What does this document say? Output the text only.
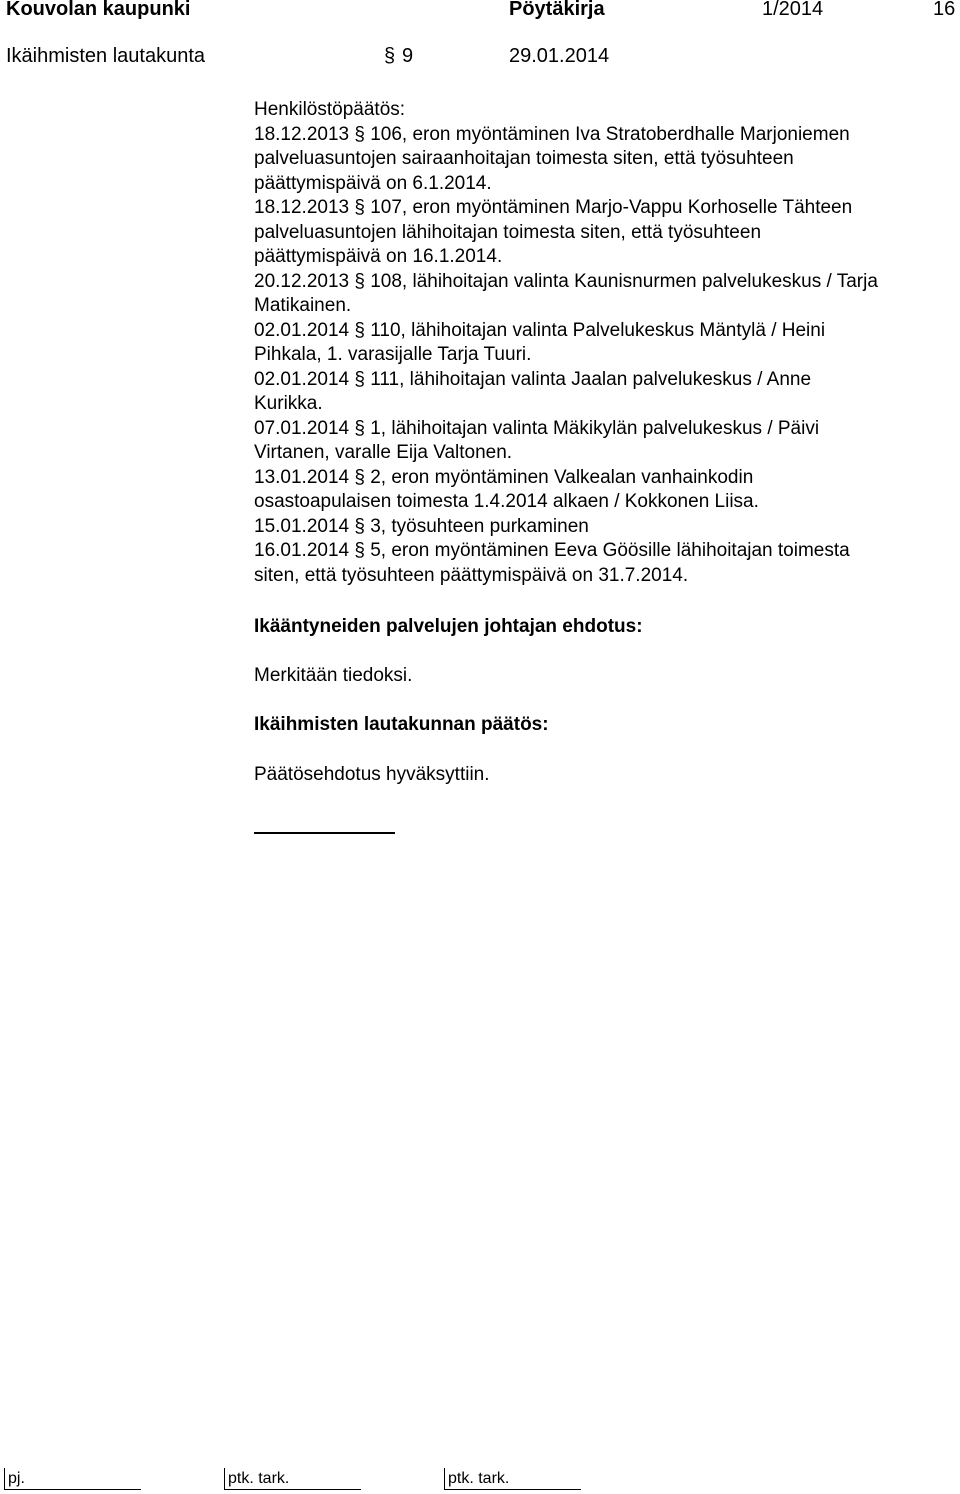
Kouvolan kaupunki	Pöytäkirja	1/2014	16
Ikäihmisten lautakunta	§ 9	29.01.2014
Henkilöstöpäätös:
18.12.2013 § 106, eron myöntäminen Iva Stratoberdhalle Marjoniemen
palveluasuntojen sairaanhoitajan toimesta siten, että työsuhteen
päättymispäivä on 6.1.2014.
18.12.2013 § 107, eron myöntäminen Marjo-Vappu Korhoselle Tähteen
palveluasuntojen lähihoitajan toimesta siten, että työsuhteen
päättymispäivä on 16.1.2014.
20.12.2013 § 108, lähihoitajan valinta Kaunisnurmen palvelukeskus / Tarja
Matikainen.
02.01.2014 § 110, lähihoitajan valinta Palvelukeskus Mäntylä / Heini
Pihkala, 1. varasijalle Tarja Tuuri.
02.01.2014 § 111, lähihoitajan valinta Jaalan palvelukeskus / Anne
Kurikka.
07.01.2014 § 1, lähihoitajan valinta Mäkikylän palvelukeskus / Päivi
Virtanen, varalle Eija Valtonen.
13.01.2014 § 2, eron myöntäminen Valkealan vanhainkodin
osastoapulaisen toimesta 1.4.2014 alkaen / Kokkonen Liisa.
15.01.2014 § 3, työsuhteen purkaminen
16.01.2014 § 5, eron myöntäminen Eeva Göösille lähihoitajan toimesta
siten, että työsuhteen päättymispäivä on 31.7.2014.
Ikääntyneiden palvelujen johtajan ehdotus:
Merkitään tiedoksi.
Ikäihmisten lautakunnan päätös:
Päätösehdotus hyväksyttiin.
pj.	ptk. tark.	ptk. tark.
